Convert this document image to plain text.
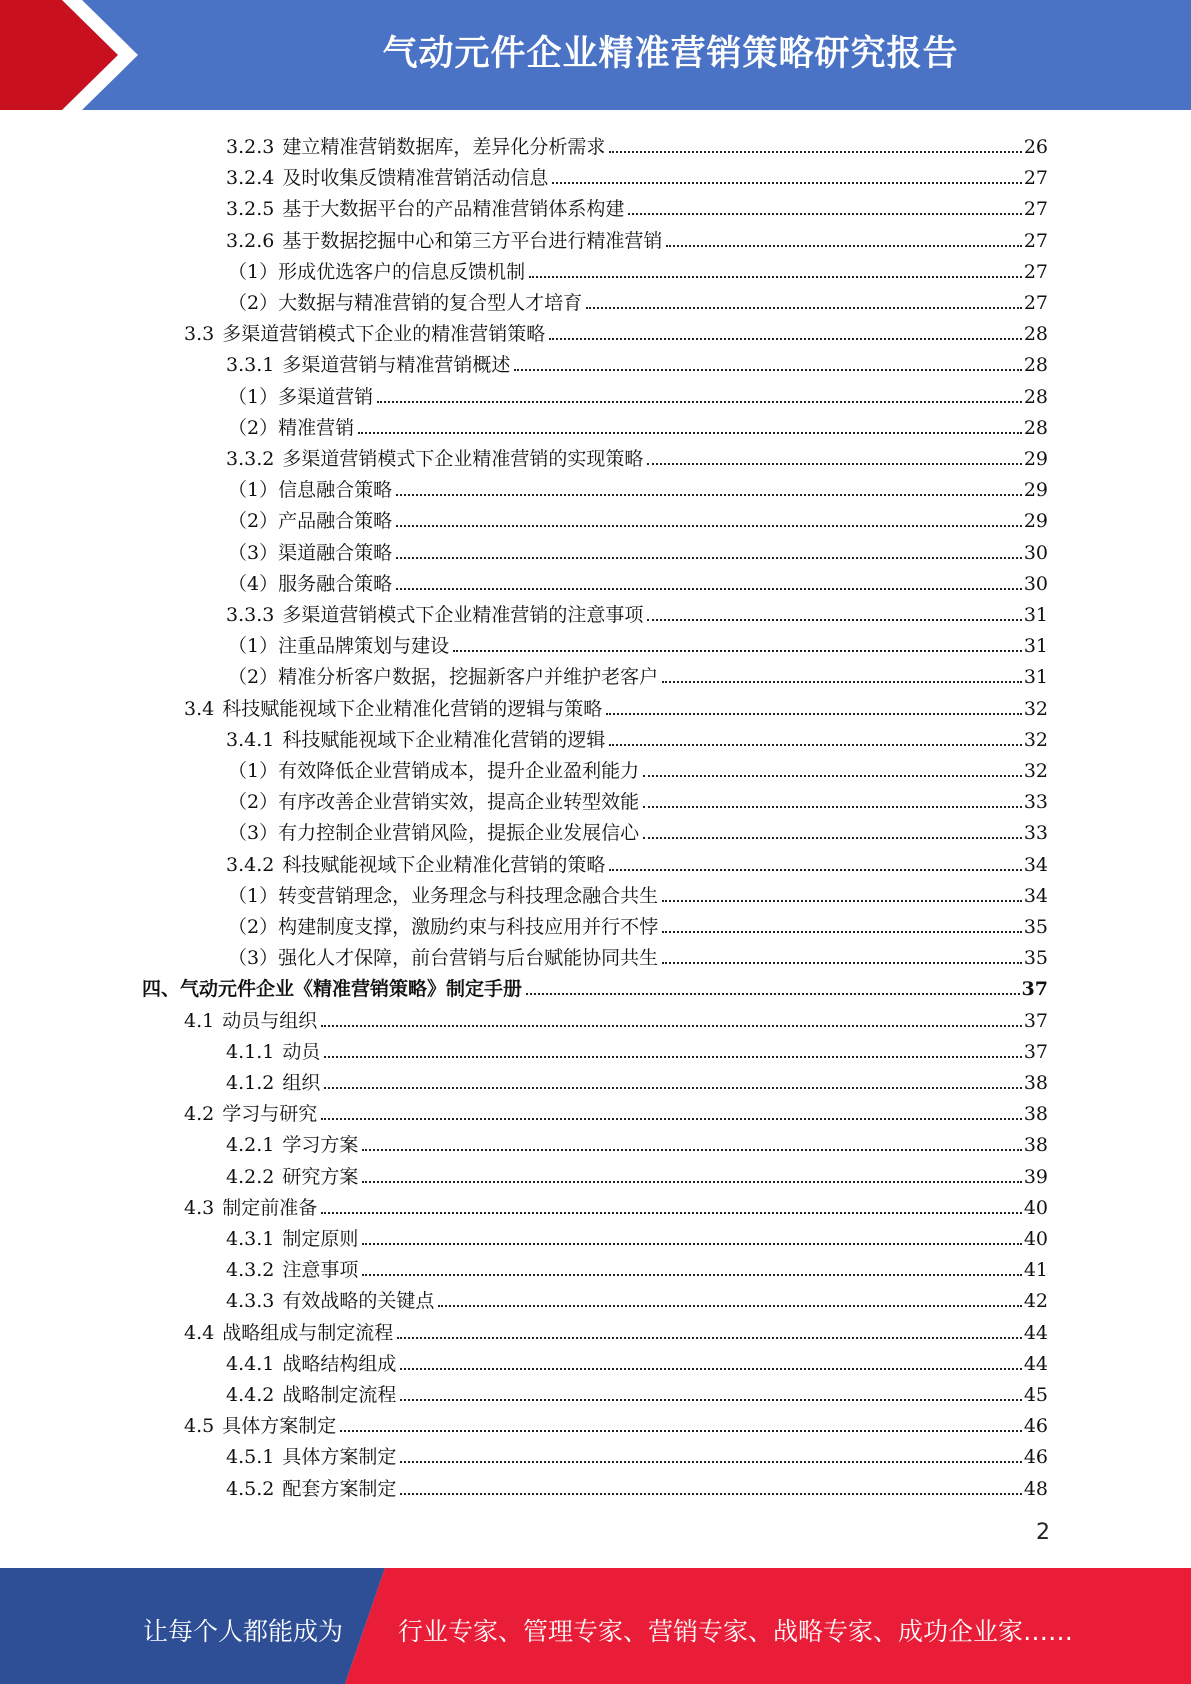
气动元件企业精准营销策略研究报告
3.2.3 建立精准营销数据库，差异化分析需求	26
3.2.4 及时收集反馈精准营销活动信息	27
3.2.5 基于大数据平台的产品精准营销体系构建	27
3.2.6 基于数据挖掘中心和第三方平台进行精准营销	27
（1） 形成优选客户的信息反馈机制	27
（2） 大数据与精准营销的复合型人才培育	27
3.3 多渠道营销模式下企业的精准营销策略	28
3.3.1 多渠道营销与精准营销概述	28
（1） 多渠道营销	28
（2） 精准营销	28
3.3.2 多渠道营销模式下企业精准营销的实现策略	29
（1） 信息融合策略	29
（2） 产品融合策略	29
（3） 渠道融合策略	30
（4） 服务融合策略	30
3.3.3 多渠道营销模式下企业精准营销的注意事项	31
（1） 注重品牌策划与建设	31
（2） 精准分析客户数据，挖掘新客户并维护老客户	31
3.4 科技赋能视域下企业精准化营销的逻辑与策略	32
3.4.1 科技赋能视域下企业精准化营销的逻辑	32
（1） 有效降低企业营销成本，提升企业盈利能力	32
（2） 有序改善企业营销实效，提高企业转型效能	33
（3） 有力控制企业营销风险，提振企业发展信心	33
3.4.2 科技赋能视域下企业精准化营销的策略	34
（1） 转变营销理念，业务理念与科技理念融合共生	34
（2） 构建制度支撑，激励约束与科技应用并行不悖	35
（3） 强化人才保障，前台营销与后台赋能协同共生	35
四、 气动元件企业《精准营销策略》制定手册	37
4.1 动员与组织	37
4.1.1 动员	37
4.1.2 组织	38
4.2 学习与研究	38
4.2.1 学习方案	38
4.2.2 研究方案	39
4.3 制定前准备	40
4.3.1 制定原则	40
4.3.2 注意事项	41
4.3.3 有效战略的关键点	42
4.4 战略组成与制定流程	44
4.4.1 战略结构组成	44
4.4.2 战略制定流程	45
4.5 具体方案制定	46
4.5.1 具体方案制定	46
4.5.2 配套方案制定	48
2
让每个人都能成为 行业专家、管理专家、营销专家、战略专家、成功企业家……
